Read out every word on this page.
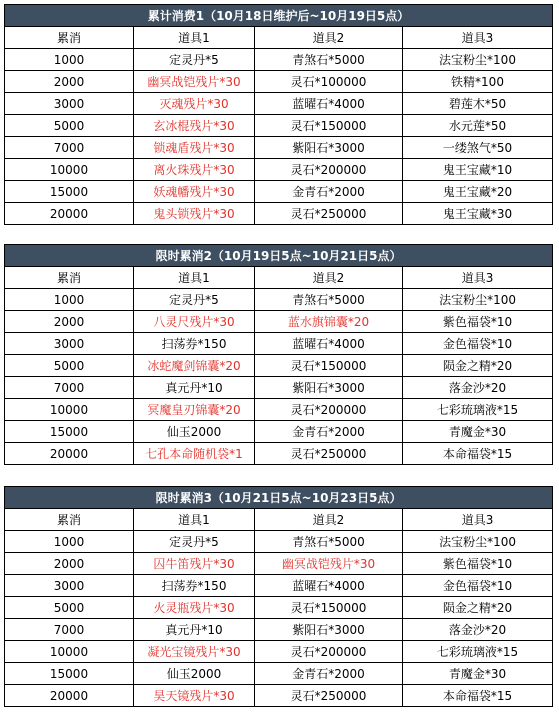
累计消费1（10月18日维护后~10月19日5点）			
累消	道具1	道具2	道具3
1000	定灵丹*5	青煞石*5000	法宝粉尘*100
2000	幽冥战铠残片*30	灵石*100000	铁精*100
3000	灭魂残片*30	蓝曜石*4000	碧莲木*50
5000	玄冰棍残片*30	灵石*150000	水元莲*50
7000	锁魂盾残片*30	紫阳石*3000	一缕煞气*50
10000	离火珠残片*30	灵石*200000	鬼王宝藏*10
15000	妖魂幡残片*30	金青石*2000	鬼王宝藏*20
20000	鬼头锁残片*30	灵石*250000	鬼王宝藏*30
限时累消2（10月19日5点~10月21日5点）			
累消	道具1	道具2	道具3
1000	定灵丹*5	青煞石*5000	法宝粉尘*100
2000	八灵尺残片*30	蓝水旗锦囊*20	紫色福袋*10
3000	扫荡券*150	蓝曜石*4000	金色福袋*10
5000	冰蛇魔剑锦囊*20	灵石*150000	陨金之精*20
7000	真元丹*10	紫阳石*3000	落金沙*20
10000	冥魔皇刃锦囊*20	灵石*200000	七彩琉璃液*15
15000	仙玉2000	金青石*2000	青魔金*30
20000	七孔本命随机袋*1	灵石*250000	本命福袋*15
限时累消3（10月21日5点~10月23日5点）			
累消	道具1	道具2	道具3
1000	定灵丹*5	青煞石*5000	法宝粉尘*100
2000	囚牛笛残片*30	幽冥战铠残片*30	紫色福袋*10
3000	扫荡券*150	蓝曜石*4000	金色福袋*10
5000	火灵瓶残片*30	灵石*150000	陨金之精*20
7000	真元丹*10	紫阳石*3000	落金沙*20
10000	凝光宝镜残片*30	灵石*200000	七彩琉璃液*15
15000	仙玉2000	金青石*2000	青魔金*30
20000	昊天镜残片*30	灵石*250000	本命福袋*15
